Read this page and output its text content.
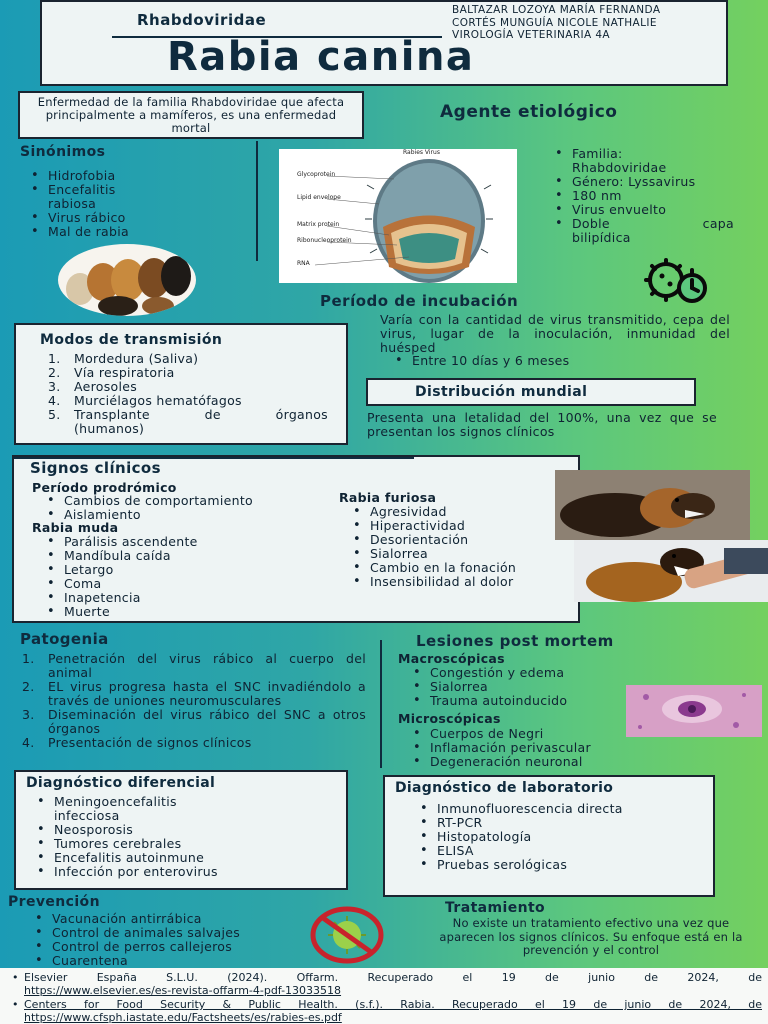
Rhabdoviridae
BALTAZAR LOZOYA MARÍA FERNANDA
CORTÉS MUNGUÍA NICOLE NATHALIE
VIROLOGÍA VETERINARIA 4A
Rabia canina
Enfermedad de la familia Rhabdoviridae que afecta principalmente a mamíferos, es una enfermedad mortal
Agente etiológico
Sinónimos
• Hidrofobia
• Encefalitis rabiosa
• Virus rábico
• Mal de rabia
Rabies Virus
Glycoprotein
Lipid envelope
Matrix protein
Ribonucleoprotein
RNA
• Familia: Rhabdoviridae
• Género: Lyssavirus
• 180 nm
• Virus envuelto
• Doble capa bilipídica
Período de incubación
Varía con la cantidad de virus transmitido, cepa del virus, lugar de la inoculación, inmunidad del huésped
• Entre 10 días y 6 meses
Modos de transmisión
1. Mordedura (Saliva)
2. Vía respiratoria
3. Aerosoles
4. Murciélagos hematófagos
5. Transplante de órganos (humanos)
Distribución mundial
Presenta una letalidad del 100%, una vez que se presentan los signos clínicos
Signos clínicos
Período prodrómico
• Cambios de comportamiento
• Aislamiento
Rabia muda
• Parálisis ascendente
• Mandíbula caída
• Letargo
• Coma
• Inapetencia
• Muerte
Rabia furiosa
• Agresividad
• Hiperactividad
• Desorientación
• Sialorrea
• Cambio en la fonación
• Insensibilidad al dolor
Patogenia
1. Penetración del virus rábico al cuerpo del animal
2. EL virus progresa hasta el SNC invadiéndolo a través de uniones neuromusculares
3. Diseminación del virus rábico del SNC a otros órganos
4. Presentación de signos clínicos
Lesiones post mortem
Macroscópicas
• Congestión y edema
• Sialorrea
• Trauma autoinducido
Microscópicas
• Cuerpos de Negri
• Inflamación perivascular
• Degeneración neuronal
Diagnóstico diferencial
• Meningoencefalitis infecciosa
• Neosporosis
• Tumores cerebrales
• Encefalitis autoinmune
• Infección por enterovirus
Diagnóstico de laboratorio
• Inmunofluorescencia directa
• RT-PCR
• Histopatología
• ELISA
• Pruebas serológicas
Prevención
• Vacunación antirrábica
• Control de animales salvajes
• Control de perros callejeros
• Cuarentena
Tratamiento
No existe un tratamiento efectivo una vez que aparecen los signos clínicos. Su enfoque está en la prevención y el control
• Elsevier España S.L.U. (2024). Offarm. Recuperado el 19 de junio de 2024, de
https://www.elsevier.es/es-revista-offarm-4-pdf-13033518
• Centers for Food Security & Public Health. (s.f.). Rabia. Recuperado el 19 de junio de 2024, de
https://www.cfsph.iastate.edu/Factsheets/es/rabies-es.pdf
